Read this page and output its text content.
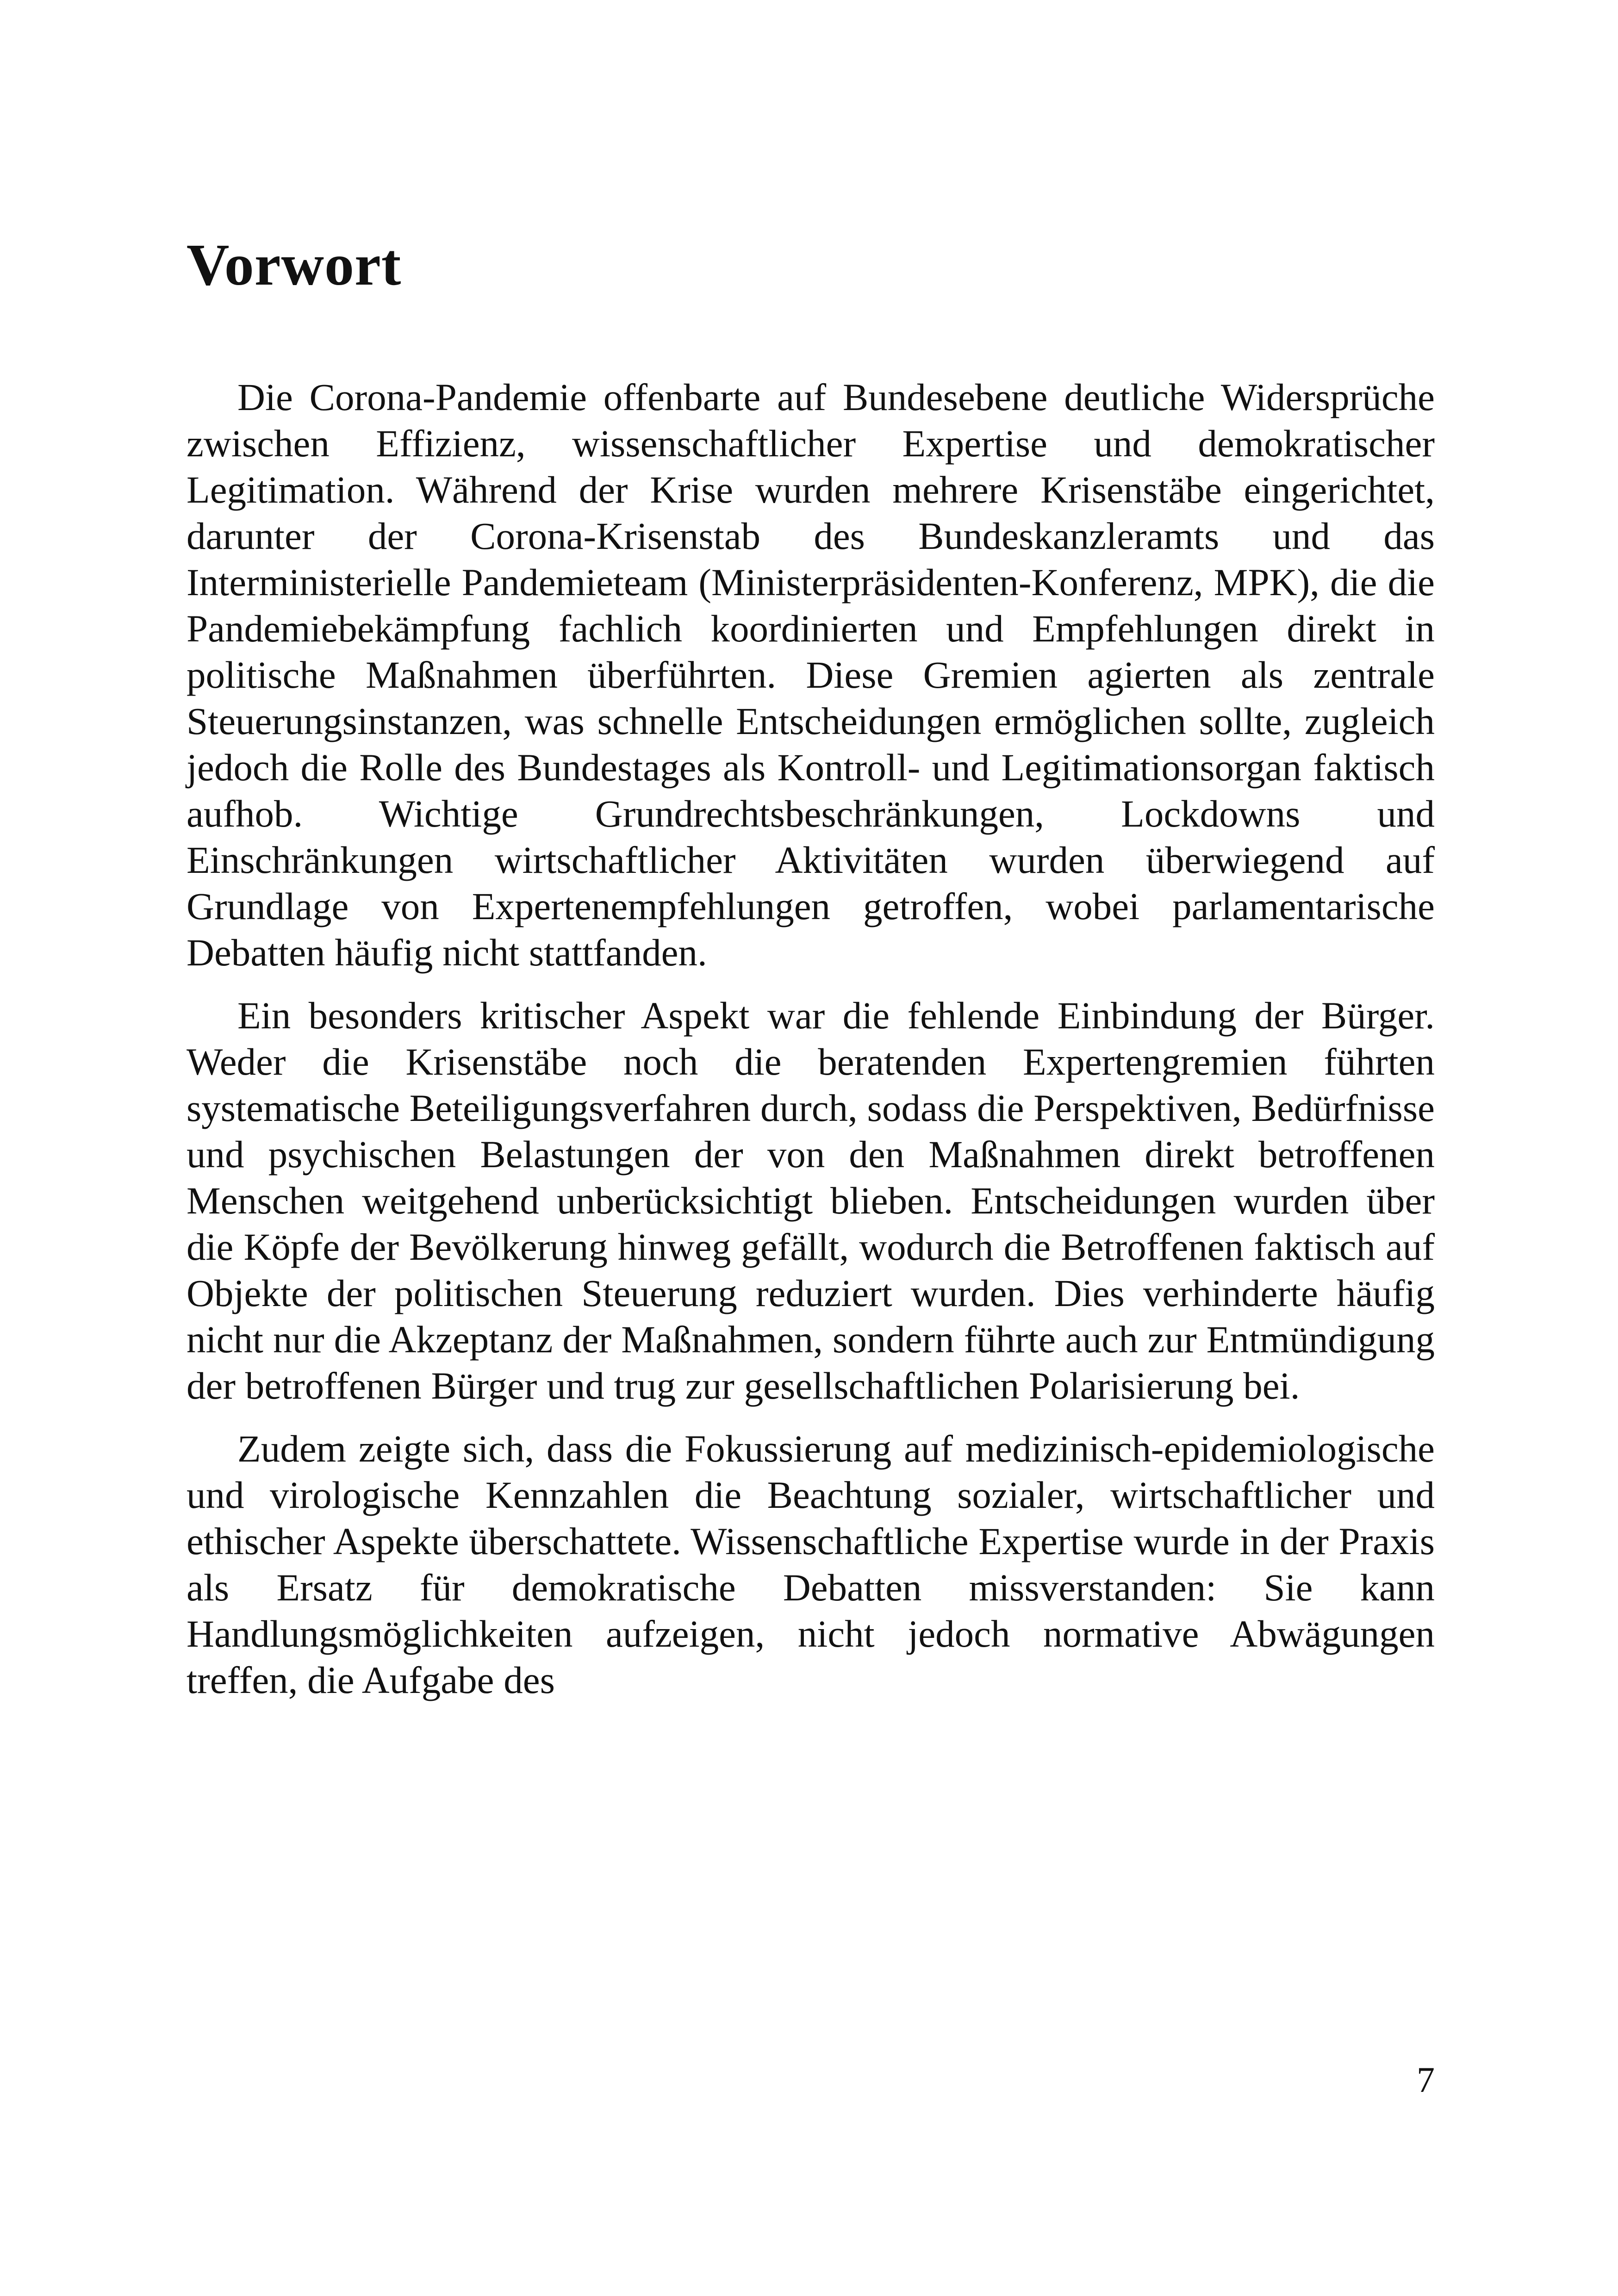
Vorwort

Die Corona-Pandemie offenbarte auf Bundesebene deutliche Widersprüche zwischen Effizienz, wissenschaftlicher Expertise und demokratischer Legitimation. Während der Krise wurden mehrere Krisenstäbe eingerichtet, darunter der Corona-Krisenstab des Bundeskanzleramts und das Interministerielle Pandemieteam (Ministerpräsidenten-Konferenz, MPK), die die Pandemiebekämpfung fachlich koordinierten und Empfehlungen direkt in politische Maßnahmen überführten. Diese Gremien agierten als zentrale Steuerungsinstanzen, was schnelle Entscheidungen ermöglichen sollte, zugleich jedoch die Rolle des Bundestages als Kontroll- und Legitimationsorgan faktisch aufhob. Wichtige Grundrechtsbeschränkungen, Lockdowns und Einschränkungen wirtschaftlicher Aktivitäten wurden überwiegend auf Grundlage von Expertenempfehlungen getroffen, wobei parlamentarische Debatten häufig nicht stattfanden.

Ein besonders kritischer Aspekt war die fehlende Einbindung der Bürger. Weder die Krisenstäbe noch die beratenden Expertengremien führten systematische Beteiligungsverfahren durch, sodass die Perspektiven, Bedürfnisse und psychischen Belastungen der von den Maßnahmen direkt betroffenen Menschen weitgehend unberücksichtigt blieben. Entscheidungen wurden über die Köpfe der Bevölkerung hinweg gefällt, wodurch die Betroffenen faktisch auf Objekte der politischen Steuerung reduziert wurden. Dies verhinderte häufig nicht nur die Akzeptanz der Maßnahmen, sondern führte auch zur Entmündigung der betroffenen Bürger und trug zur gesellschaftlichen Polarisierung bei.

Zudem zeigte sich, dass die Fokussierung auf medizinisch-epidemiologische und virologische Kennzahlen die Beachtung sozialer, wirtschaftlicher und ethischer Aspekte überschattete. Wissenschaftliche Expertise wurde in der Praxis als Ersatz für demokratische Debatten missverstanden: Sie kann Handlungsmöglichkeiten aufzeigen, nicht jedoch normative Abwägungen treffen, die Aufgabe des

7
